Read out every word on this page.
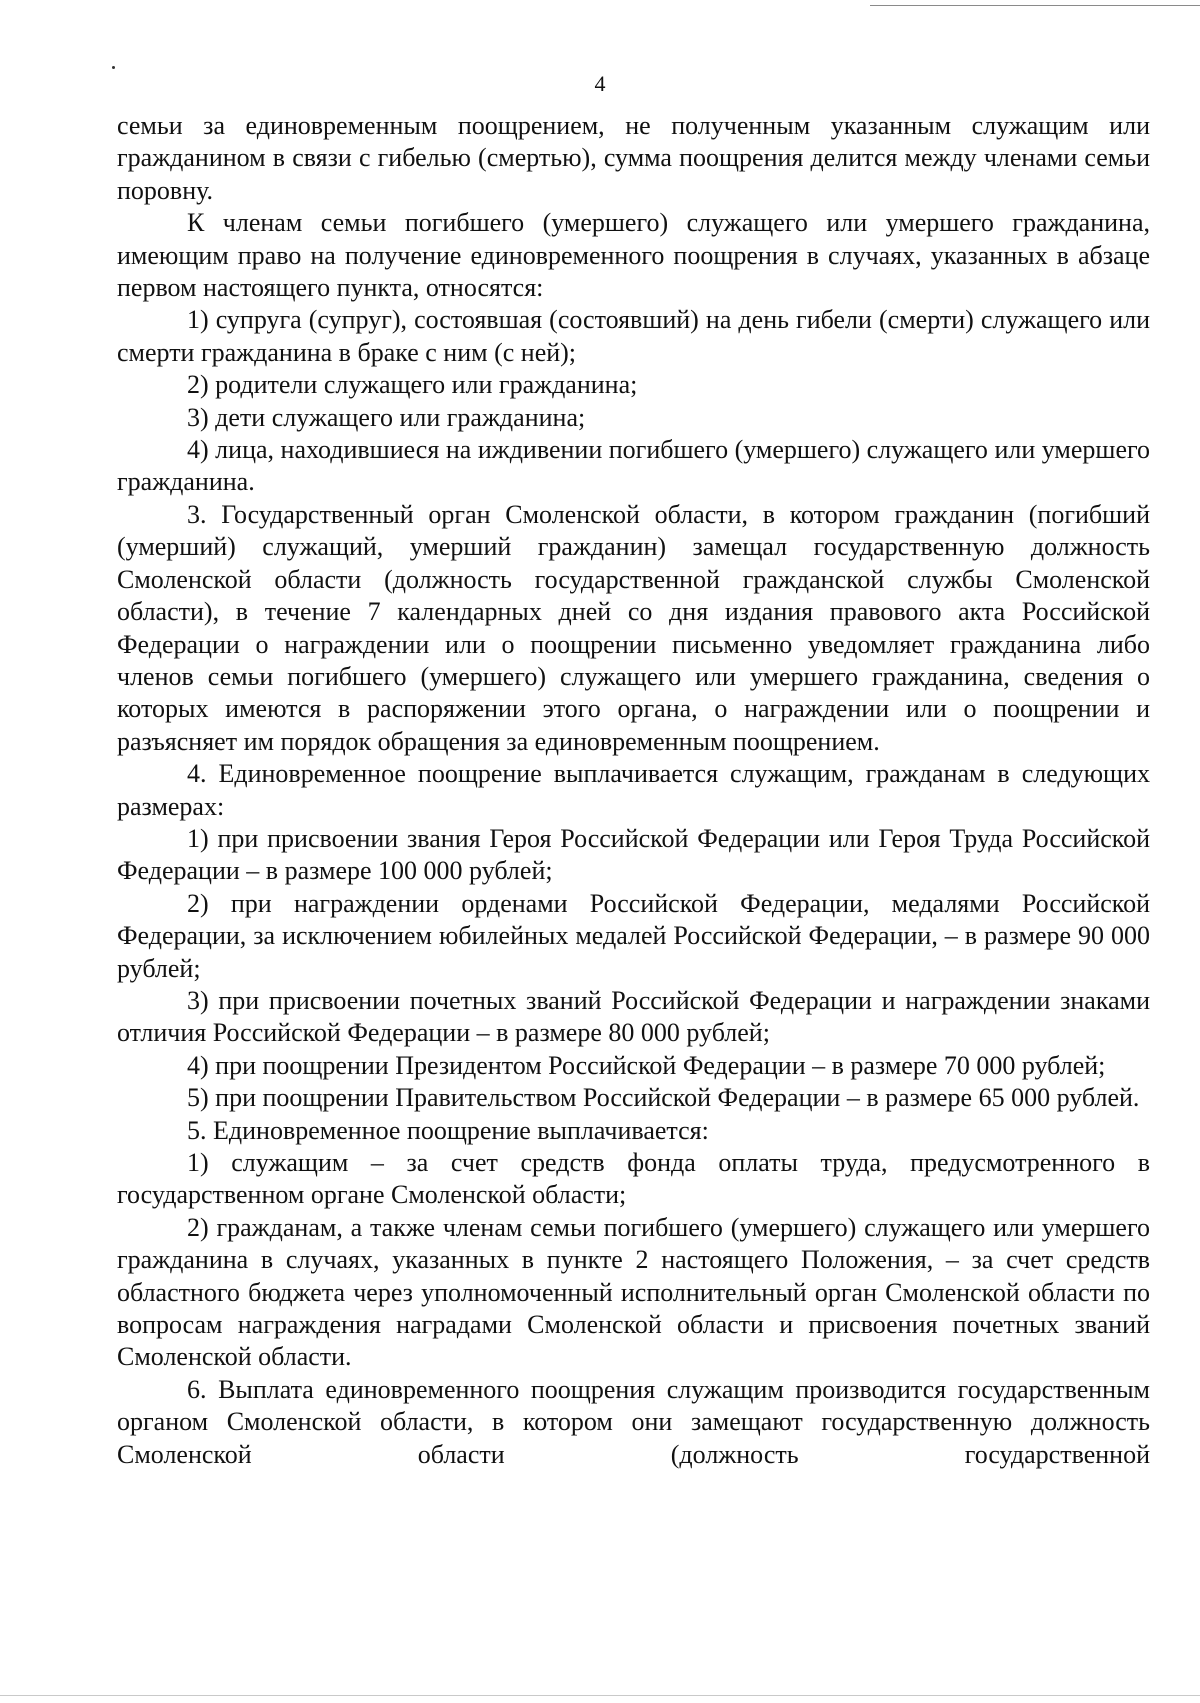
4

семьи за единовременным поощрением, не полученным указанным служащим или гражданином в связи с гибелью (смертью), сумма поощрения делится между членами семьи поровну.

К членам семьи погибшего (умершего) служащего или умершего гражданина, имеющим право на получение единовременного поощрения в случаях, указанных в абзаце первом настоящего пункта, относятся:

1) супруга (супруг), состоявшая (состоявший) на день гибели (смерти) служащего или смерти гражданина в браке с ним (с ней);

2) родители служащего или гражданина;

3) дети служащего или гражданина;

4) лица, находившиеся на иждивении погибшего (умершего) служащего или умершего гражданина.

3. Государственный орган Смоленской области, в котором гражданин (погибший (умерший) служащий, умерший гражданин) замещал государственную должность Смоленской области (должность государственной гражданской службы Смоленской области), в течение 7 календарных дней со дня издания правового акта Российской Федерации о награждении или о поощрении письменно уведомляет гражданина либо членов семьи погибшего (умершего) служащего или умершего гражданина, сведения о которых имеются в распоряжении этого органа, о награждении или о поощрении и разъясняет им порядок обращения за единовременным поощрением.

4. Единовременное поощрение выплачивается служащим, гражданам в следующих размерах:

1) при присвоении звания Героя Российской Федерации или Героя Труда Российской Федерации – в размере 100 000 рублей;

2) при награждении орденами Российской Федерации, медалями Российской Федерации, за исключением юбилейных медалей Российской Федерации, – в размере 90 000 рублей;

3) при присвоении почетных званий Российской Федерации и награждении знаками отличия Российской Федерации – в размере 80 000 рублей;

4) при поощрении Президентом Российской Федерации – в размере 70 000 рублей;

5) при поощрении Правительством Российской Федерации – в размере 65 000 рублей.

5. Единовременное поощрение выплачивается:

1) служащим – за счет средств фонда оплаты труда, предусмотренного в государственном органе Смоленской области;

2) гражданам, а также членам семьи погибшего (умершего) служащего или умершего гражданина в случаях, указанных в пункте 2 настоящего Положения, – за счет средств областного бюджета через уполномоченный исполнительный орган Смоленской области по вопросам награждения наградами Смоленской области и присвоения почетных званий Смоленской области.

6. Выплата единовременного поощрения служащим производится государственным органом Смоленской области, в котором они замещают государственную должность Смоленской области (должность государственной
